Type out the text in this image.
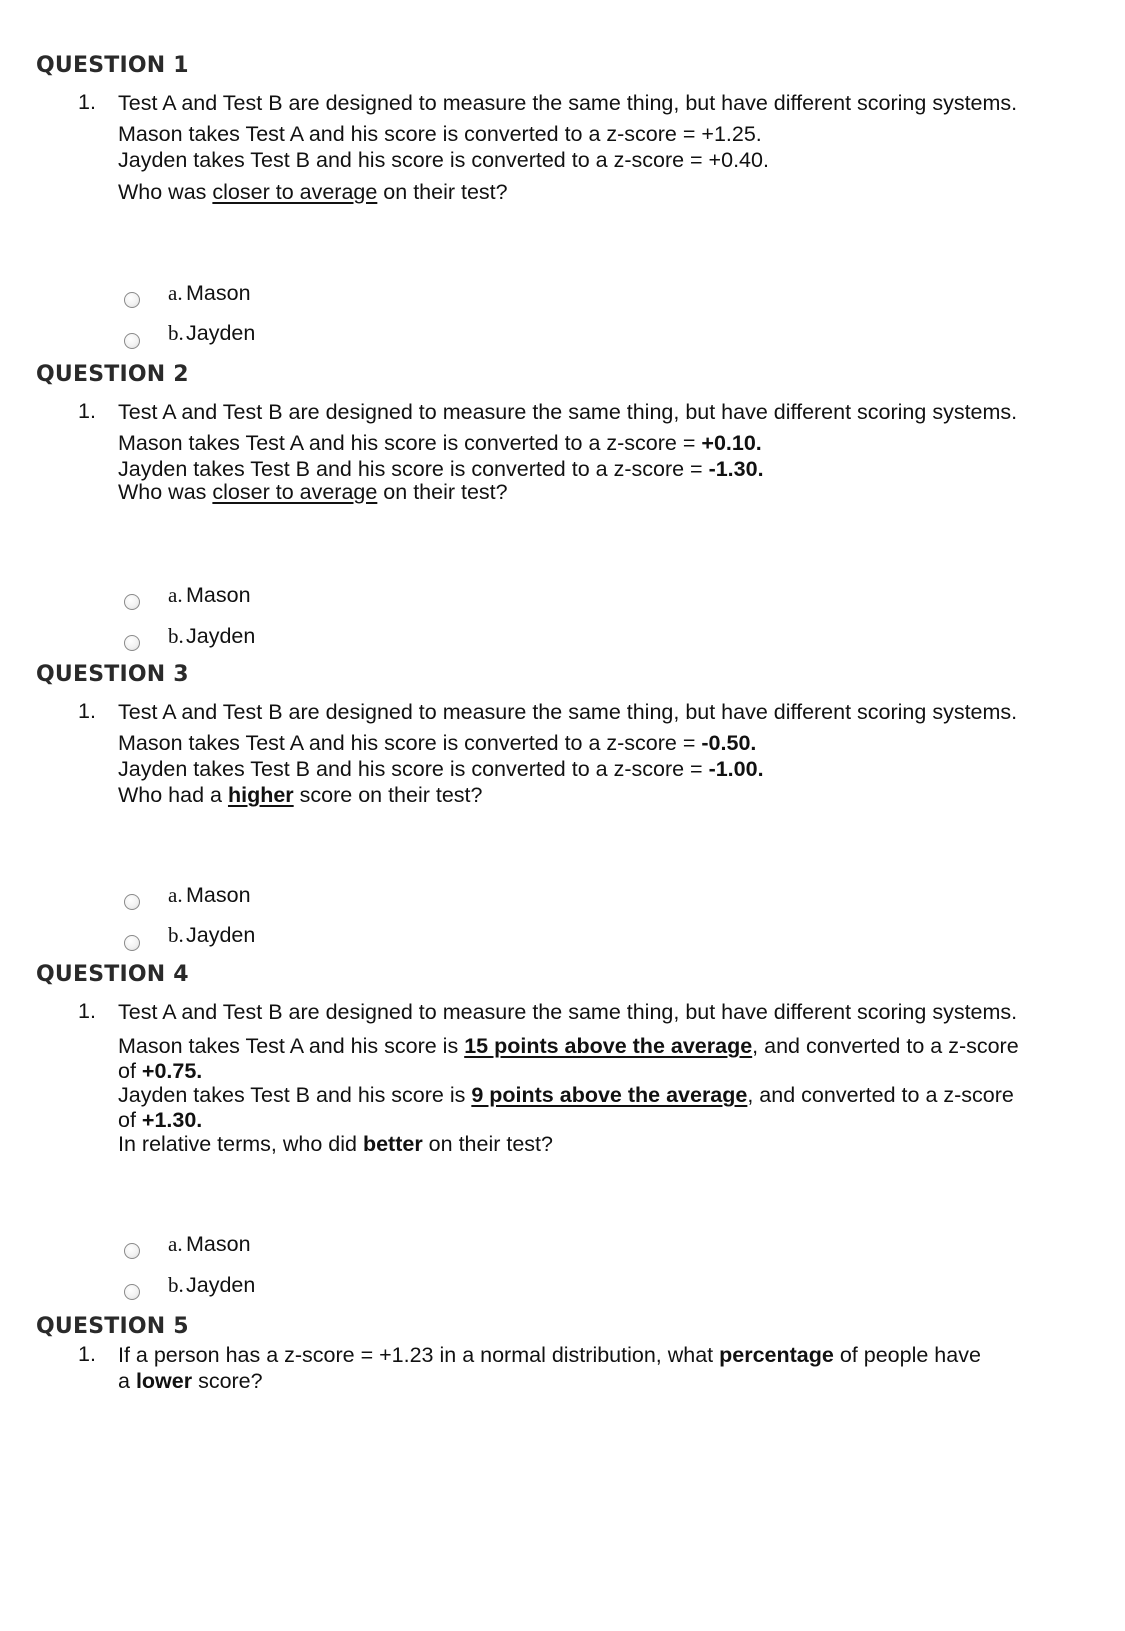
QUESTION 1
1. Test A and Test B are designed to measure the same thing, but have different scoring systems.
Mason takes Test A and his score is converted to a z-score = +1.25.
Jayden takes Test B and his score is converted to a z-score = +0.40.
Who was closer to average on their test?
a. Mason
b. Jayden
QUESTION 2
1. Test A and Test B are designed to measure the same thing, but have different scoring systems.
Mason takes Test A and his score is converted to a z-score = +0.10.
Jayden takes Test B and his score is converted to a z-score = -1.30.
Who was closer to average on their test?
a. Mason
b. Jayden
QUESTION 3
1. Test A and Test B are designed to measure the same thing, but have different scoring systems.
Mason takes Test A and his score is converted to a z-score = -0.50.
Jayden takes Test B and his score is converted to a z-score = -1.00.
Who had a higher score on their test?
a. Mason
b. Jayden
QUESTION 4
1. Test A and Test B are designed to measure the same thing, but have different scoring systems.
Mason takes Test A and his score is 15 points above the average, and converted to a z-score
of +0.75.
Jayden takes Test B and his score is 9 points above the average, and converted to a z-score
of +1.30.
In relative terms, who did better on their test?
a. Mason
b. Jayden
QUESTION 5
1. If a person has a z-score = +1.23 in a normal distribution, what percentage of people have
a lower score?
